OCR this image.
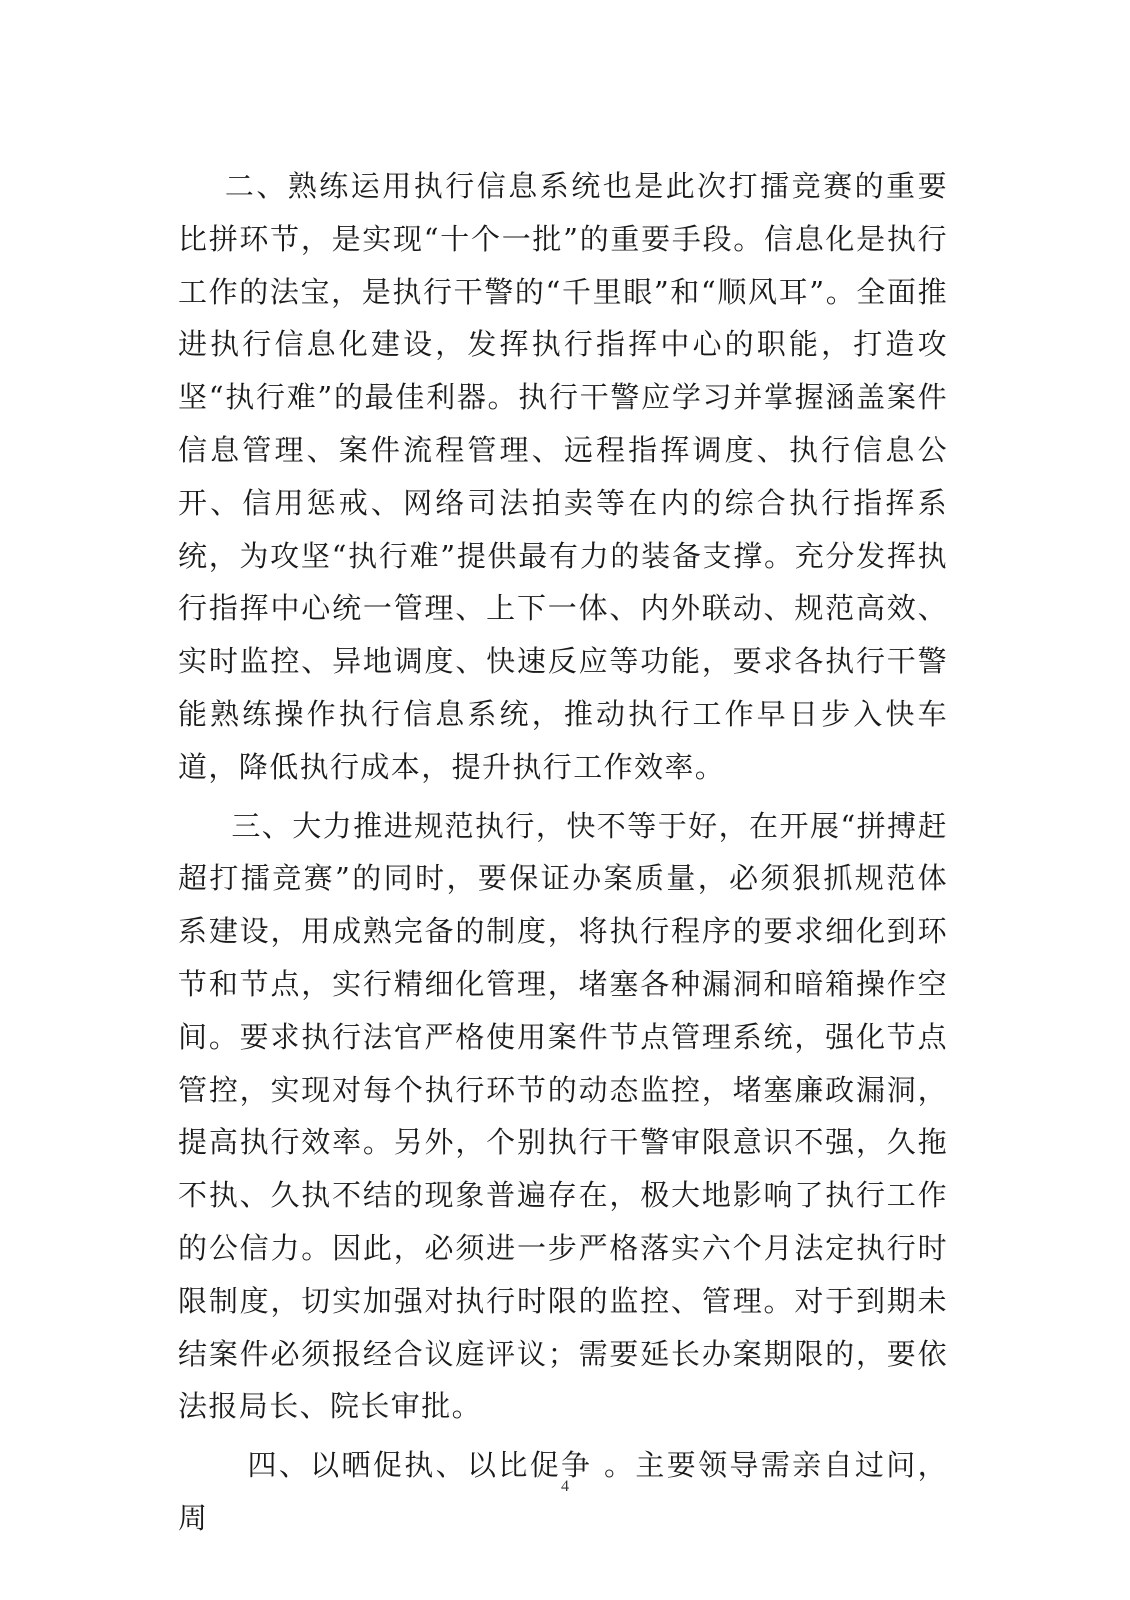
二、熟练运用执行信息系统也是此次打擂竞赛的重要比拼环节，是实现“十个一批”的重要手段。信息化是执行工作的法宝，是执行干警的“千里眼”和“顺风耳”。全面推进执行信息化建设，发挥执行指挥中心的职能，打造攻坚“执行难”的最佳利器。执行干警应学习并掌握涵盖案件信息管理、案件流程管理、远程指挥调度、执行信息公开、信用惩戒、网络司法拍卖等在内的综合执行指挥系统，为攻坚“执行难”提供最有力的装备支撑。充分发挥执行指挥中心统一管理、上下一体、内外联动、规范高效、实时监控、异地调度、快速反应等功能，要求各执行干警能熟练操作执行信息系统，推动执行工作早日步入快车道，降低执行成本，提升执行工作效率。

三、大力推进规范执行，快不等于好，在开展“拼搏赶超打擂竞赛”的同时，要保证办案质量，必须狠抓规范体系建设，用成熟完备的制度，将执行程序的要求细化到环节和节点，实行精细化管理，堵塞各种漏洞和暗箱操作空间。要求执行法官严格使用案件节点管理系统，强化节点管控，实现对每个执行环节的动态监控，堵塞廉政漏洞，提高执行效率。另外，个别执行干警审限意识不强，久拖不执、久执不结的现象普遍存在，极大地影响了执行工作的公信力。因此，必须进一步严格落实六个月法定执行时限制度，切实加强对执行时限的监控、管理。对于到期未结案件必须报经合议庭评议；需要延长办案期限的，要依法报局长、院长审批。

四、以晒促执、以比促争 。主要领导需亲自过问，周

4
